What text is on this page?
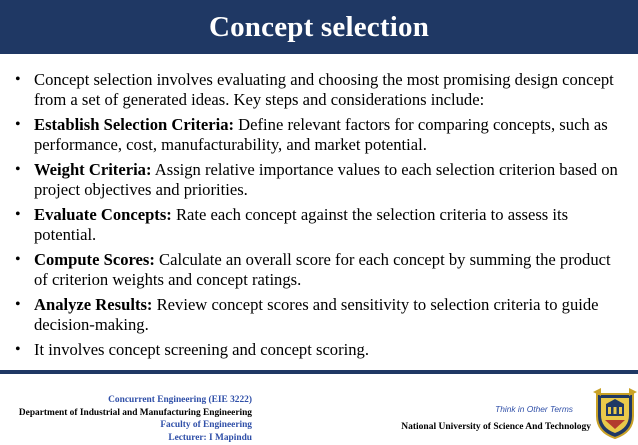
Concept selection
• Concept selection involves evaluating and choosing the most promising design concept from a set of generated ideas. Key steps and considerations include:
• Establish Selection Criteria: Define relevant factors for comparing concepts, such as performance, cost, manufacturability, and market potential.
• Weight Criteria: Assign relative importance values to each selection criterion based on project objectives and priorities.
• Evaluate Concepts: Rate each concept against the selection criteria to assess its potential.
• Compute Scores: Calculate an overall score for each concept by summing the product of criterion weights and concept ratings.
• Analyze Results: Review concept scores and sensitivity to selection criteria to guide decision-making.
• It involves concept screening and concept scoring.
Concurrent Engineering (EIE 3222)
Department of Industrial and Manufacturing Engineering
Faculty of Engineering
Lecturer: I Mapindu
Think in Other Terms
National University of Science And Technology
